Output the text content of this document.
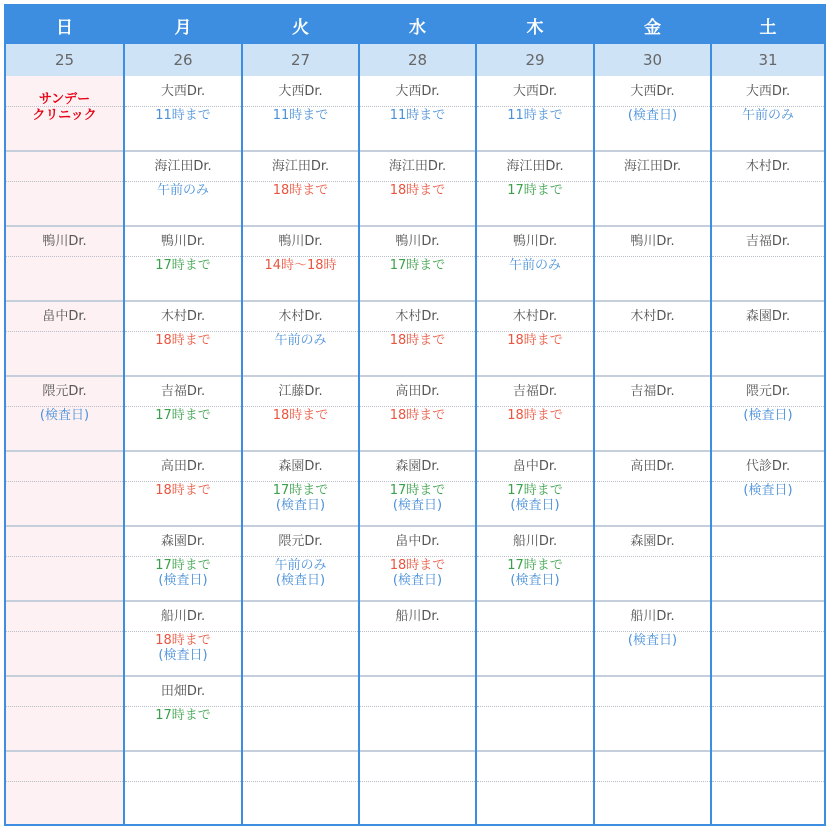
日
25
サンデー
クリニック
鴨川Dr.
畠中Dr.
隈元Dr.
(検査日)
月
26
大西Dr.
11時まで
海江田Dr.
午前のみ
鴨川Dr.
17時まで
木村Dr.
18時まで
吉福Dr.
17時まで
高田Dr.
18時まで
森園Dr.
17時まで
(検査日)
船川Dr.
18時まで
(検査日)
田畑Dr.
17時まで
火
27
大西Dr.
11時まで
海江田Dr.
18時まで
鴨川Dr.
14時〜18時
木村Dr.
午前のみ
江藤Dr.
18時まで
森園Dr.
17時まで
(検査日)
隈元Dr.
午前のみ
(検査日)
水
28
大西Dr.
11時まで
海江田Dr.
18時まで
鴨川Dr.
17時まで
木村Dr.
18時まで
高田Dr.
18時まで
森園Dr.
17時まで
(検査日)
畠中Dr.
18時まで
(検査日)
船川Dr.
木
29
大西Dr.
11時まで
海江田Dr.
17時まで
鴨川Dr.
午前のみ
木村Dr.
18時まで
吉福Dr.
18時まで
畠中Dr.
17時まで
(検査日)
船川Dr.
17時まで
(検査日)
金
30
大西Dr.
(検査日)
海江田Dr.
鴨川Dr.
木村Dr.
吉福Dr.
高田Dr.
森園Dr.
船川Dr.
(検査日)
土
31
大西Dr.
午前のみ
木村Dr.
吉福Dr.
森園Dr.
隈元Dr.
(検査日)
代診Dr.
(検査日)
